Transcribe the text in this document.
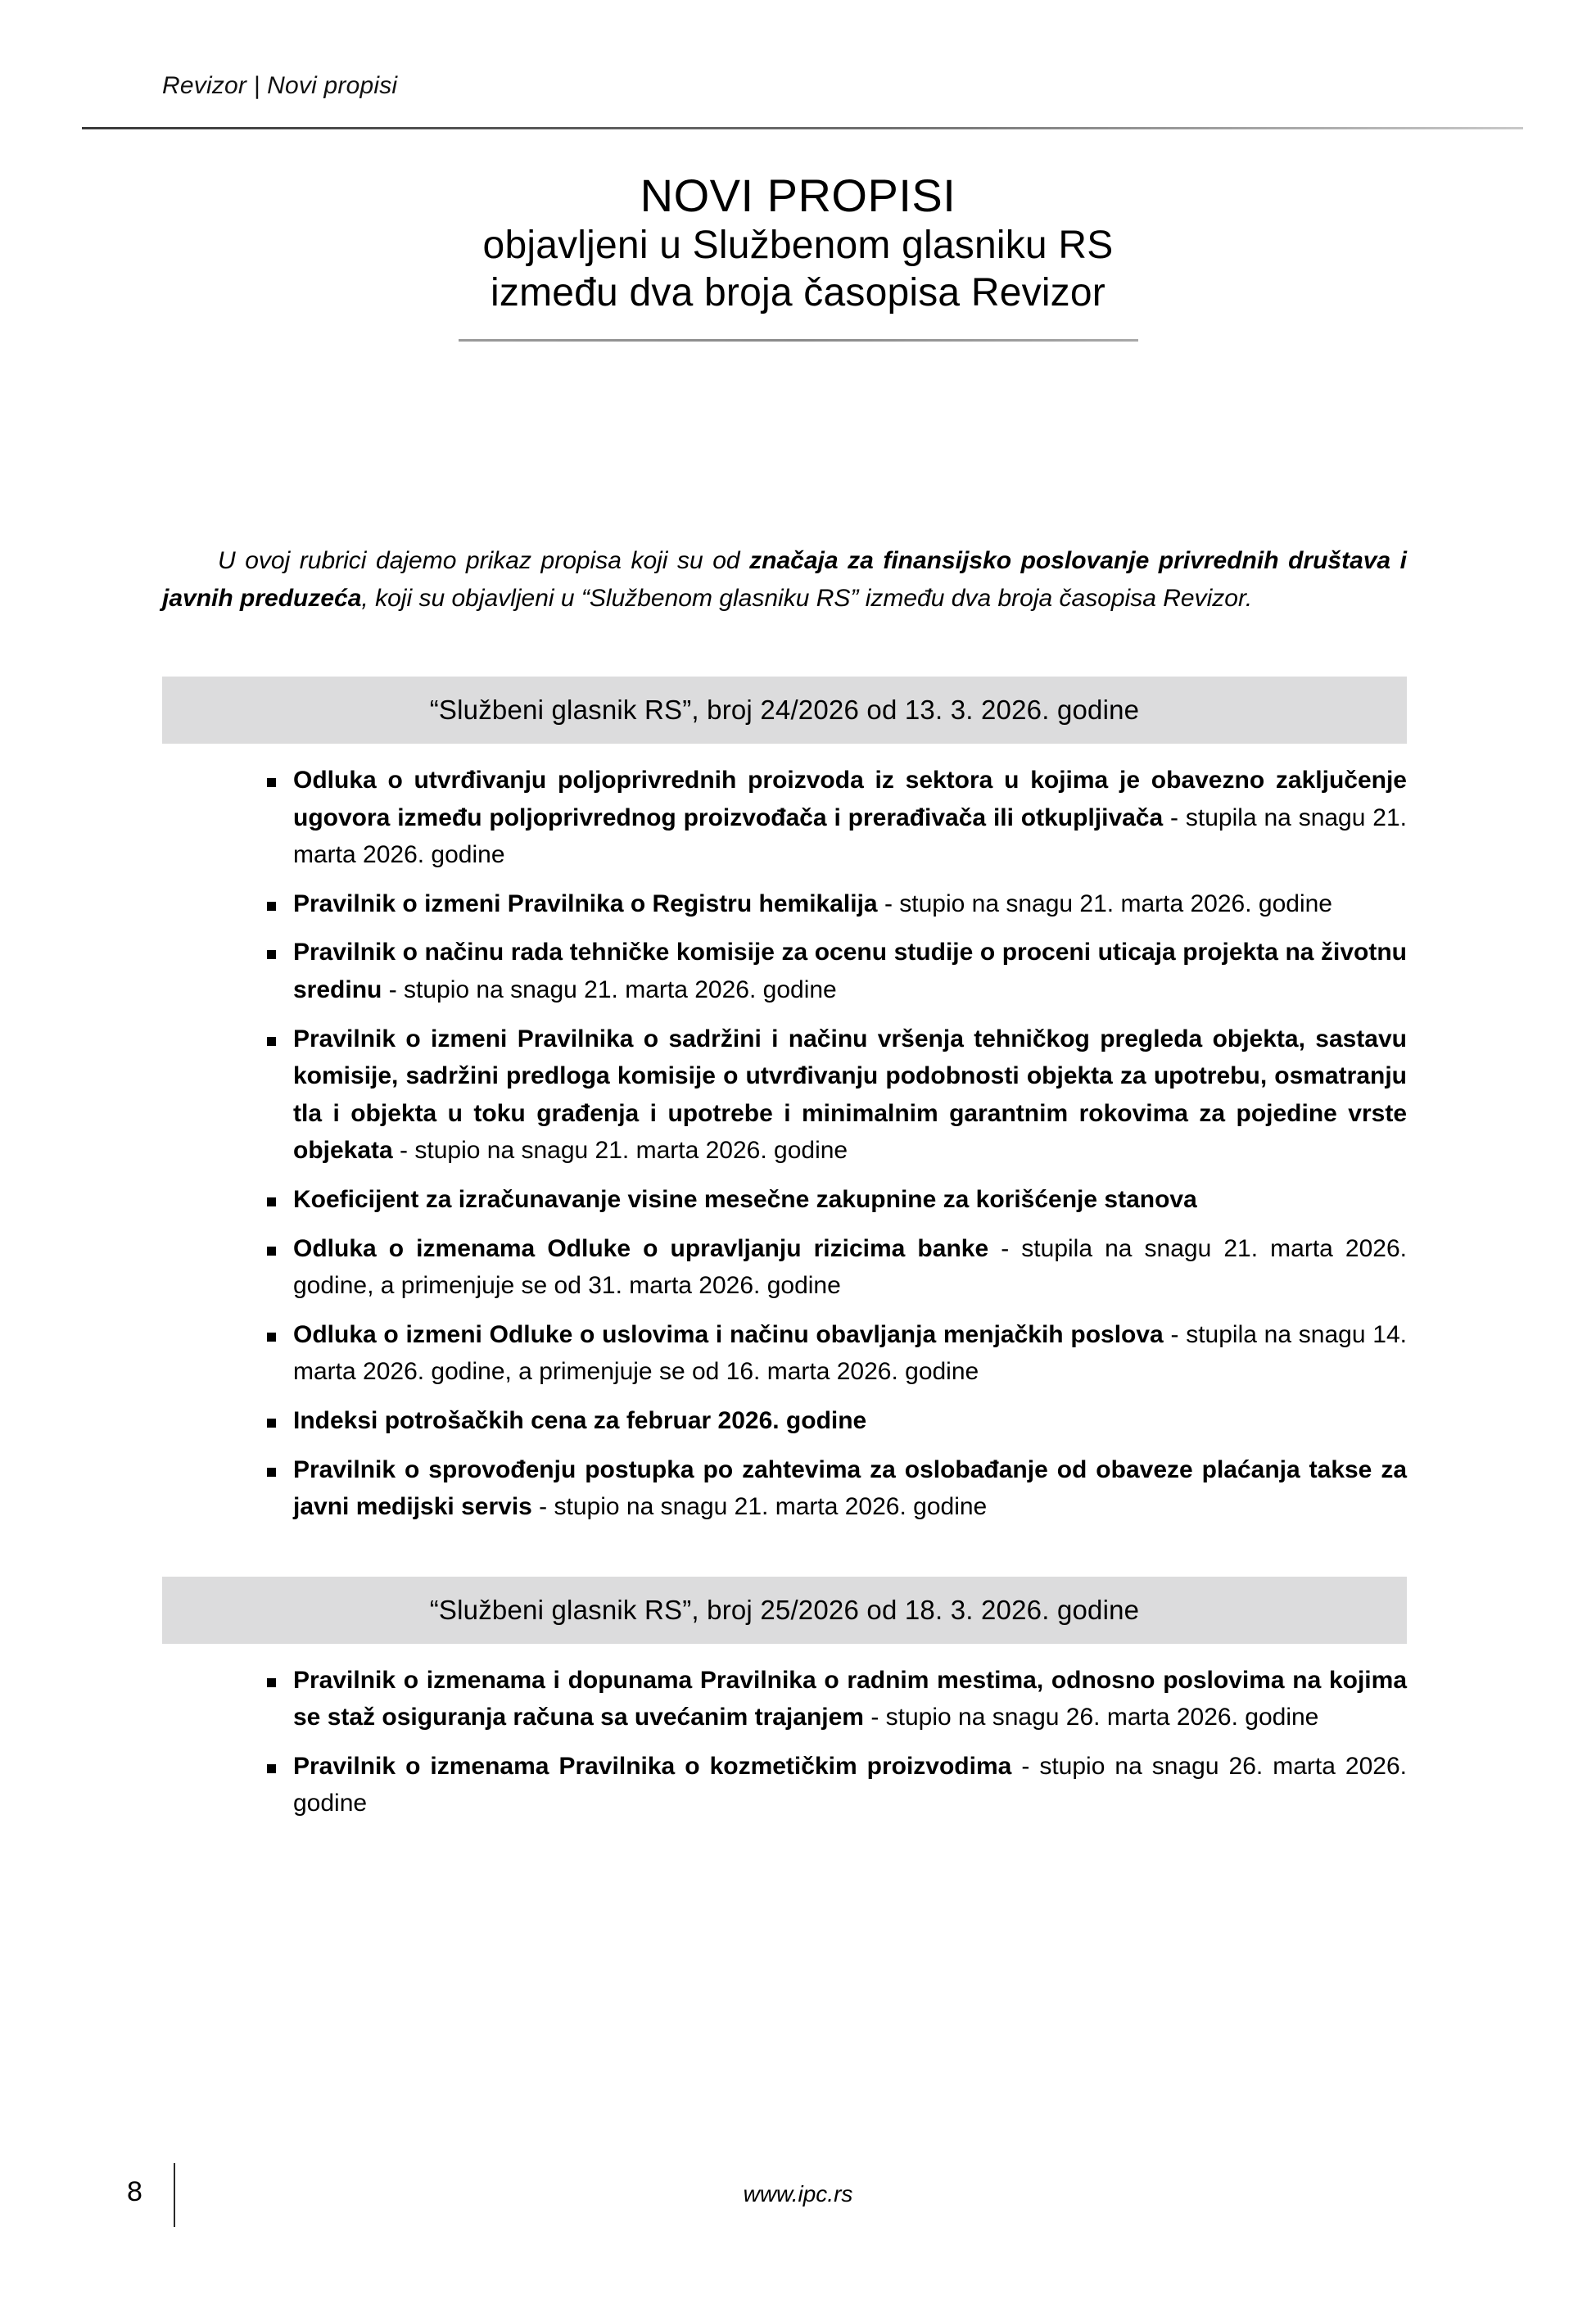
Revizor | Novi propisi
NOVI PROPISI
objavljeni u Službenom glasniku RS
između dva broja časopisa Revizor

U ovoj rubrici dajemo prikaz propisa koji su od značaja za finansijsko poslovanje privrednih društava i javnih preduzeća, koji su objavljeni u “Službenom glasniku RS” između dva broja časopisa Revizor.

“Službeni glasnik RS”, broj 24/2026 od 13. 3. 2026. godine
Odluka o utvrđivanju poljoprivrednih proizvoda iz sektora u kojima je obavezno zaključenje ugovora između poljoprivrednog proizvođača i prerađivača ili otkupljivača - stupila na snagu 21. marta 2026. godine
Pravilnik o izmeni Pravilnika o Registru hemikalija - stupio na snagu 21. marta 2026. godine
Pravilnik o načinu rada tehničke komisije za ocenu studije o proceni uticaja projekta na životnu sredinu - stupio na snagu 21. marta 2026. godine
Pravilnik o izmeni Pravilnika o sadržini i načinu vršenja tehničkog pregleda objekta, sastavu komisije, sadržini predloga komisije o utvrđivanju podobnosti objekta za upotrebu, osmatranju tla i objekta u toku građenja i upotrebe i minimalnim garantnim rokovima za pojedine vrste objekata - stupio na snagu 21. marta 2026. godine
Koeficijent za izračunavanje visine mesečne zakupnine za korišćenje stanova
Odluka o izmenama Odluke o upravljanju rizicima banke - stupila na snagu 21. marta 2026. godine, a primenjuje se od 31. marta 2026. godine
Odluka o izmeni Odluke o uslovima i načinu obavljanja menjačkih poslova - stupila na snagu 14. marta 2026. godine, a primenjuje se od 16. marta 2026. godine
Indeksi potrošačkih cena za februar 2026. godine
Pravilnik o sprovođenju postupka po zahtevima za oslobađanje od obaveze plaćanja takse za javni medijski servis - stupio na snagu 21. marta 2026. godine
“Službeni glasnik RS”, broj 25/2026 od 18. 3. 2026. godine
Pravilnik o izmenama i dopunama Pravilnika o radnim mestima, odnosno poslovima na kojima se staž osiguranja računa sa uvećanim trajanjem - stupio na snagu 26. marta 2026. godine
Pravilnik o izmenama Pravilnika o kozmetičkim proizvodima - stupio na snagu 26. marta 2026. godine
8	www.ipc.rs
